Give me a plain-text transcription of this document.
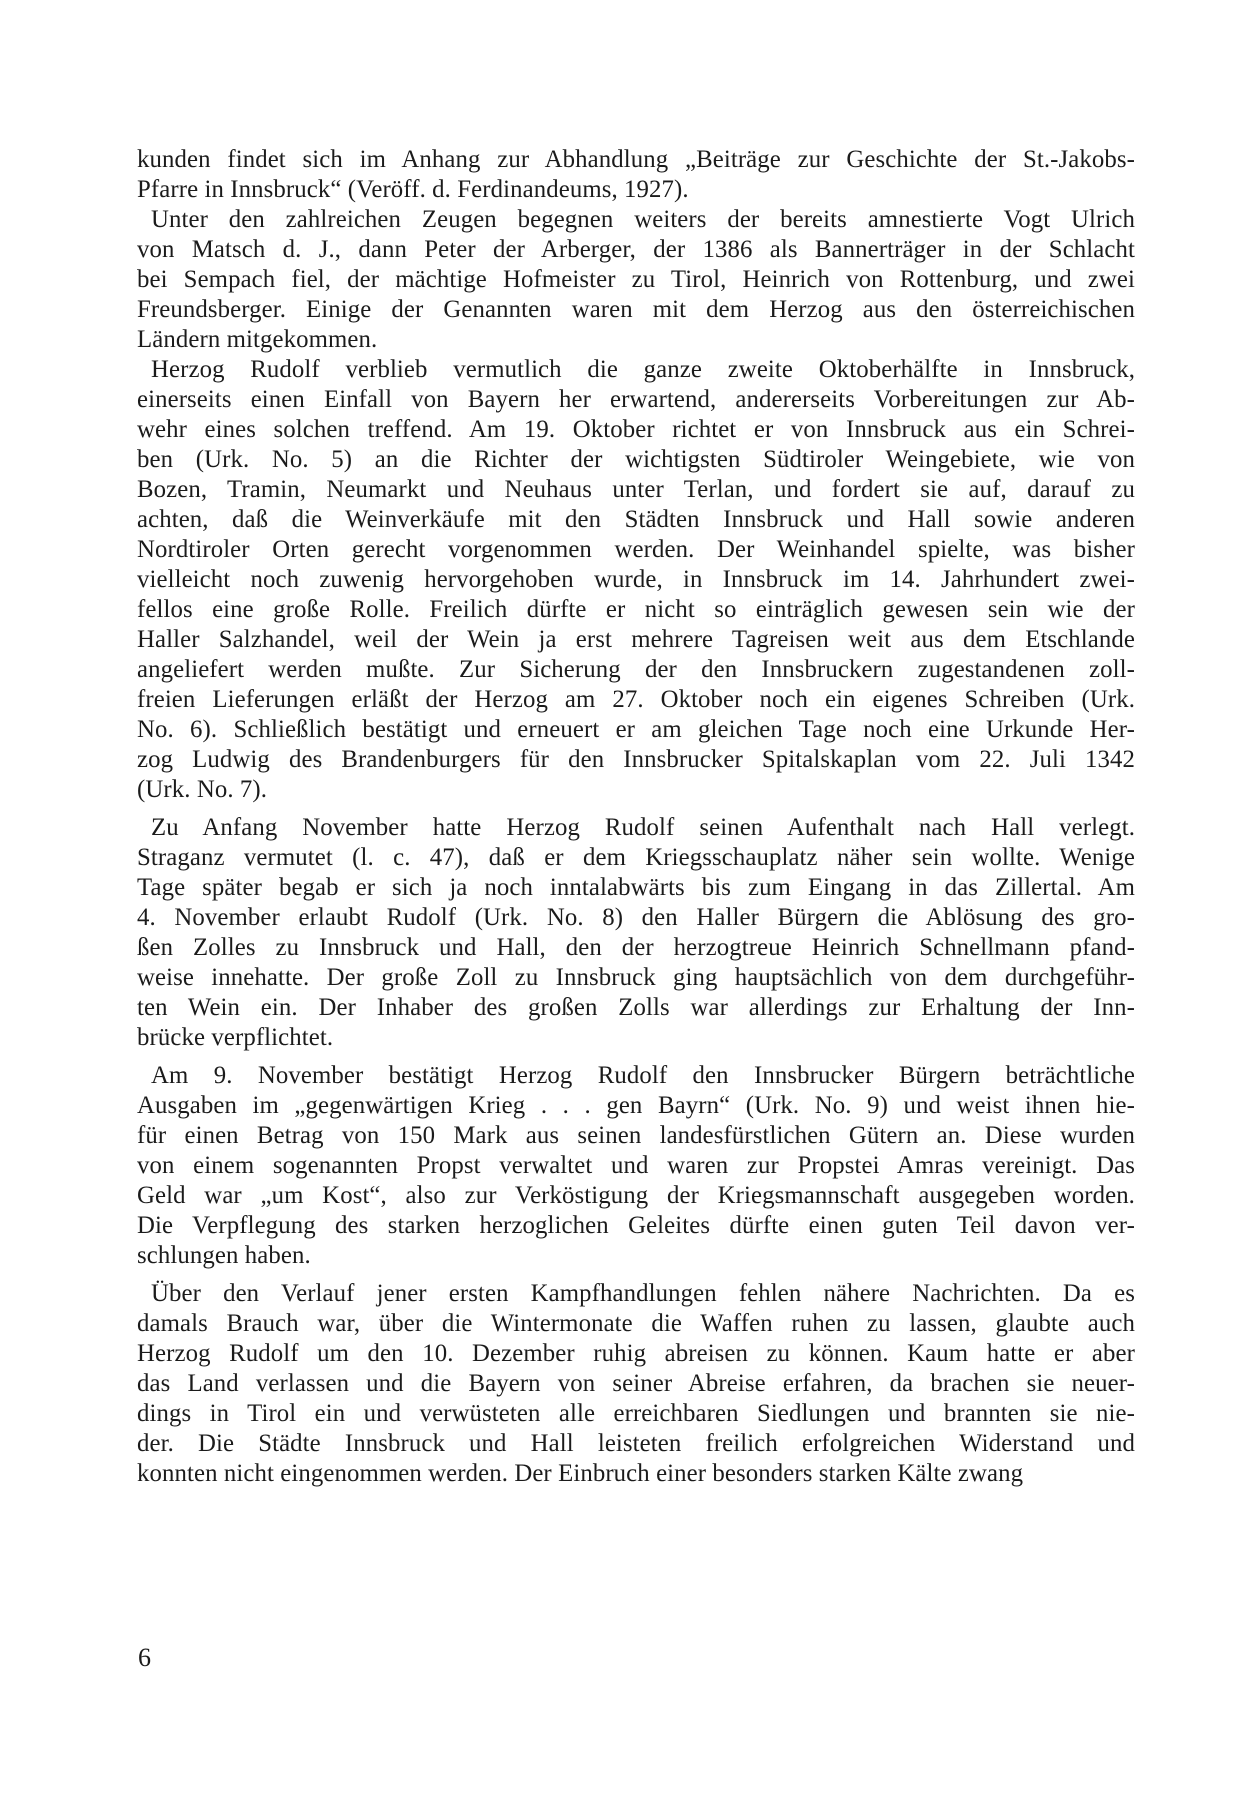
kunden findet sich im Anhang zur Abhandlung „Beiträge zur Geschichte der St.-Jakobs-
Pfarre in Innsbruck“ (Veröff. d. Ferdinandeums, 1927).
Unter den zahlreichen Zeugen begegnen weiters der bereits amnestierte Vogt Ulrich
von Matsch d. J., dann Peter der Arberger, der 1386 als Bannerträger in der Schlacht
bei Sempach fiel, der mächtige Hofmeister zu Tirol, Heinrich von Rottenburg, und zwei
Freundsberger. Einige der Genannten waren mit dem Herzog aus den österreichischen
Ländern mitgekommen.
Herzog Rudolf verblieb vermutlich die ganze zweite Oktoberhälfte in Innsbruck,
einerseits einen Einfall von Bayern her erwartend, andererseits Vorbereitungen zur Ab-
wehr eines solchen treffend. Am 19. Oktober richtet er von Innsbruck aus ein Schrei-
ben (Urk. No. 5) an die Richter der wichtigsten Südtiroler Weingebiete, wie von
Bozen, Tramin, Neumarkt und Neuhaus unter Terlan, und fordert sie auf, darauf zu
achten, daß die Weinverkäufe mit den Städten Innsbruck und Hall sowie anderen
Nordtiroler Orten gerecht vorgenommen werden. Der Weinhandel spielte, was bisher
vielleicht noch zuwenig hervorgehoben wurde, in Innsbruck im 14. Jahrhundert zwei-
fellos eine große Rolle. Freilich dürfte er nicht so einträglich gewesen sein wie der
Haller Salzhandel, weil der Wein ja erst mehrere Tagreisen weit aus dem Etschlande
angeliefert werden mußte. Zur Sicherung der den Innsbruckern zugestandenen zoll-
freien Lieferungen erläßt der Herzog am 27. Oktober noch ein eigenes Schreiben (Urk.
No. 6). Schließlich bestätigt und erneuert er am gleichen Tage noch eine Urkunde Her-
zog Ludwig des Brandenburgers für den Innsbrucker Spitalskaplan vom 22. Juli 1342
(Urk. No. 7).
Zu Anfang November hatte Herzog Rudolf seinen Aufenthalt nach Hall verlegt.
Straganz vermutet (l. c. 47), daß er dem Kriegsschauplatz näher sein wollte. Wenige
Tage später begab er sich ja noch inntalabwärts bis zum Eingang in das Zillertal. Am
4. November erlaubt Rudolf (Urk. No. 8) den Haller Bürgern die Ablösung des gro-
ßen Zolles zu Innsbruck und Hall, den der herzogtreue Heinrich Schnellmann pfand-
weise innehatte. Der große Zoll zu Innsbruck ging hauptsächlich von dem durchgeführ-
ten Wein ein. Der Inhaber des großen Zolls war allerdings zur Erhaltung der Inn-
brücke verpflichtet.
Am 9. November bestätigt Herzog Rudolf den Innsbrucker Bürgern beträchtliche
Ausgaben im „gegenwärtigen Krieg . . . gen Bayrn“ (Urk. No. 9) und weist ihnen hie-
für einen Betrag von 150 Mark aus seinen landesfürstlichen Gütern an. Diese wurden
von einem sogenannten Propst verwaltet und waren zur Propstei Amras vereinigt. Das
Geld war „um Kost“, also zur Verköstigung der Kriegsmannschaft ausgegeben worden.
Die Verpflegung des starken herzoglichen Geleites dürfte einen guten Teil davon ver-
schlungen haben.
Über den Verlauf jener ersten Kampfhandlungen fehlen nähere Nachrichten. Da es
damals Brauch war, über die Wintermonate die Waffen ruhen zu lassen, glaubte auch
Herzog Rudolf um den 10. Dezember ruhig abreisen zu können. Kaum hatte er aber
das Land verlassen und die Bayern von seiner Abreise erfahren, da brachen sie neuer-
dings in Tirol ein und verwüsteten alle erreichbaren Siedlungen und brannten sie nie-
der. Die Städte Innsbruck und Hall leisteten freilich erfolgreichen Widerstand und
konnten nicht eingenommen werden. Der Einbruch einer besonders starken Kälte zwang
6
